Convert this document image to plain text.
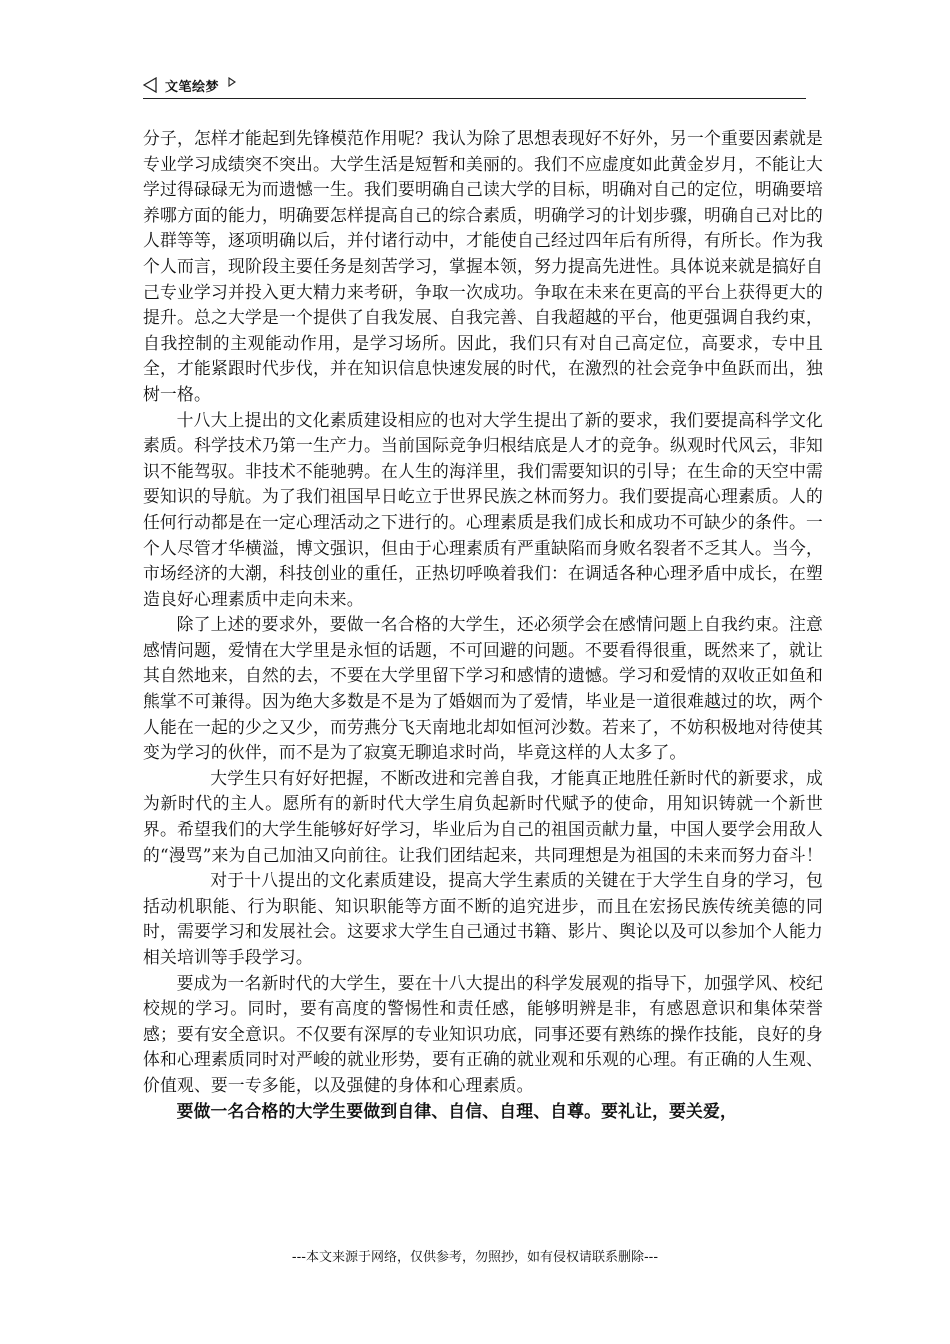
文笔绘梦

分子，怎样才能起到先锋模范作用呢？我认为除了思想表现好不好外，另一个重要因素就是专业学习成绩突不突出。大学生活是短暂和美丽的。我们不应虚度如此黄金岁月，不能让大学过得碌碌无为而遗憾一生。我们要明确自己读大学的目标，明确对自己的定位，明确要培养哪方面的能力，明确要怎样提高自己的综合素质，明确学习的计划步骤，明确自己对比的人群等等，逐项明确以后，并付诸行动中，才能使自己经过四年后有所得，有所长。作为我个人而言，现阶段主要任务是刻苦学习，掌握本领，努力提高先进性。具体说来就是搞好自己专业学习并投入更大精力来考研，争取一次成功。争取在未来在更高的平台上获得更大的提升。总之大学是一个提供了自我发展、自我完善、自我超越的平台，他更强调自我约束，自我控制的主观能动作用，是学习场所。因此，我们只有对自己高定位，高要求，专中且全，才能紧跟时代步伐，并在知识信息快速发展的时代，在激烈的社会竞争中鱼跃而出，独树一格。

十八大上提出的文化素质建设相应的也对大学生提出了新的要求，我们要提高科学文化素质。科学技术乃第一生产力。当前国际竞争归根结底是人才的竞争。纵观时代风云，非知识不能驾驭。非技术不能驰骋。在人生的海洋里，我们需要知识的引导；在生命的天空中需要知识的导航。为了我们祖国早日屹立于世界民族之林而努力。我们要提高心理素质。人的任何行动都是在一定心理活动之下进行的。心理素质是我们成长和成功不可缺少的条件。一个人尽管才华横溢，博文强识，但由于心理素质有严重缺陷而身败名裂者不乏其人。当今，市场经济的大潮，科技创业的重任，正热切呼唤着我们：在调适各种心理矛盾中成长，在塑造良好心理素质中走向未来。

除了上述的要求外，要做一名合格的大学生，还必须学会在感情问题上自我约束。注意感情问题，爱情在大学里是永恒的话题，不可回避的问题。不要看得很重，既然来了，就让其自然地来，自然的去，不要在大学里留下学习和感情的遗憾。学习和爱情的双收正如鱼和熊掌不可兼得。因为绝大多数是不是为了婚姻而为了爱情，毕业是一道很难越过的坎，两个人能在一起的少之又少，而劳燕分飞天南地北却如恒河沙数。若来了，不妨积极地对待使其变为学习的伙伴，而不是为了寂寞无聊追求时尚，毕竟这样的人太多了。

大学生只有好好把握，不断改进和完善自我，才能真正地胜任新时代的新要求，成为新时代的主人。愿所有的新时代大学生肩负起新时代赋予的使命，用知识铸就一个新世界。希望我们的大学生能够好好学习，毕业后为自己的祖国贡献力量，中国人要学会用敌人的“漫骂”来为自己加油又向前往。让我们团结起来，共同理想是为祖国的未来而努力奋斗！

对于十八提出的文化素质建设，提高大学生素质的关键在于大学生自身的学习，包括动机职能、行为职能、知识职能等方面不断的追究进步，而且在宏扬民族传统美德的同时，需要学习和发展社会。这要求大学生自己通过书籍、影片、舆论以及可以参加个人能力相关培训等手段学习。

要成为一名新时代的大学生，要在十八大提出的科学发展观的指导下，加强学风、校纪校规的学习。同时，要有高度的警惕性和责任感，能够明辨是非，有感恩意识和集体荣誉感；要有安全意识。不仅要有深厚的专业知识功底，同事还要有熟练的操作技能，良好的身体和心理素质同时对严峻的就业形势，要有正确的就业观和乐观的心理。有正确的人生观、价值观、要一专多能，以及强健的身体和心理素质。

要做一名合格的大学生要做到自律、自信、自理、自尊。要礼让，要关爱，

---本文来源于网络，仅供参考，勿照抄，如有侵权请联系删除---
